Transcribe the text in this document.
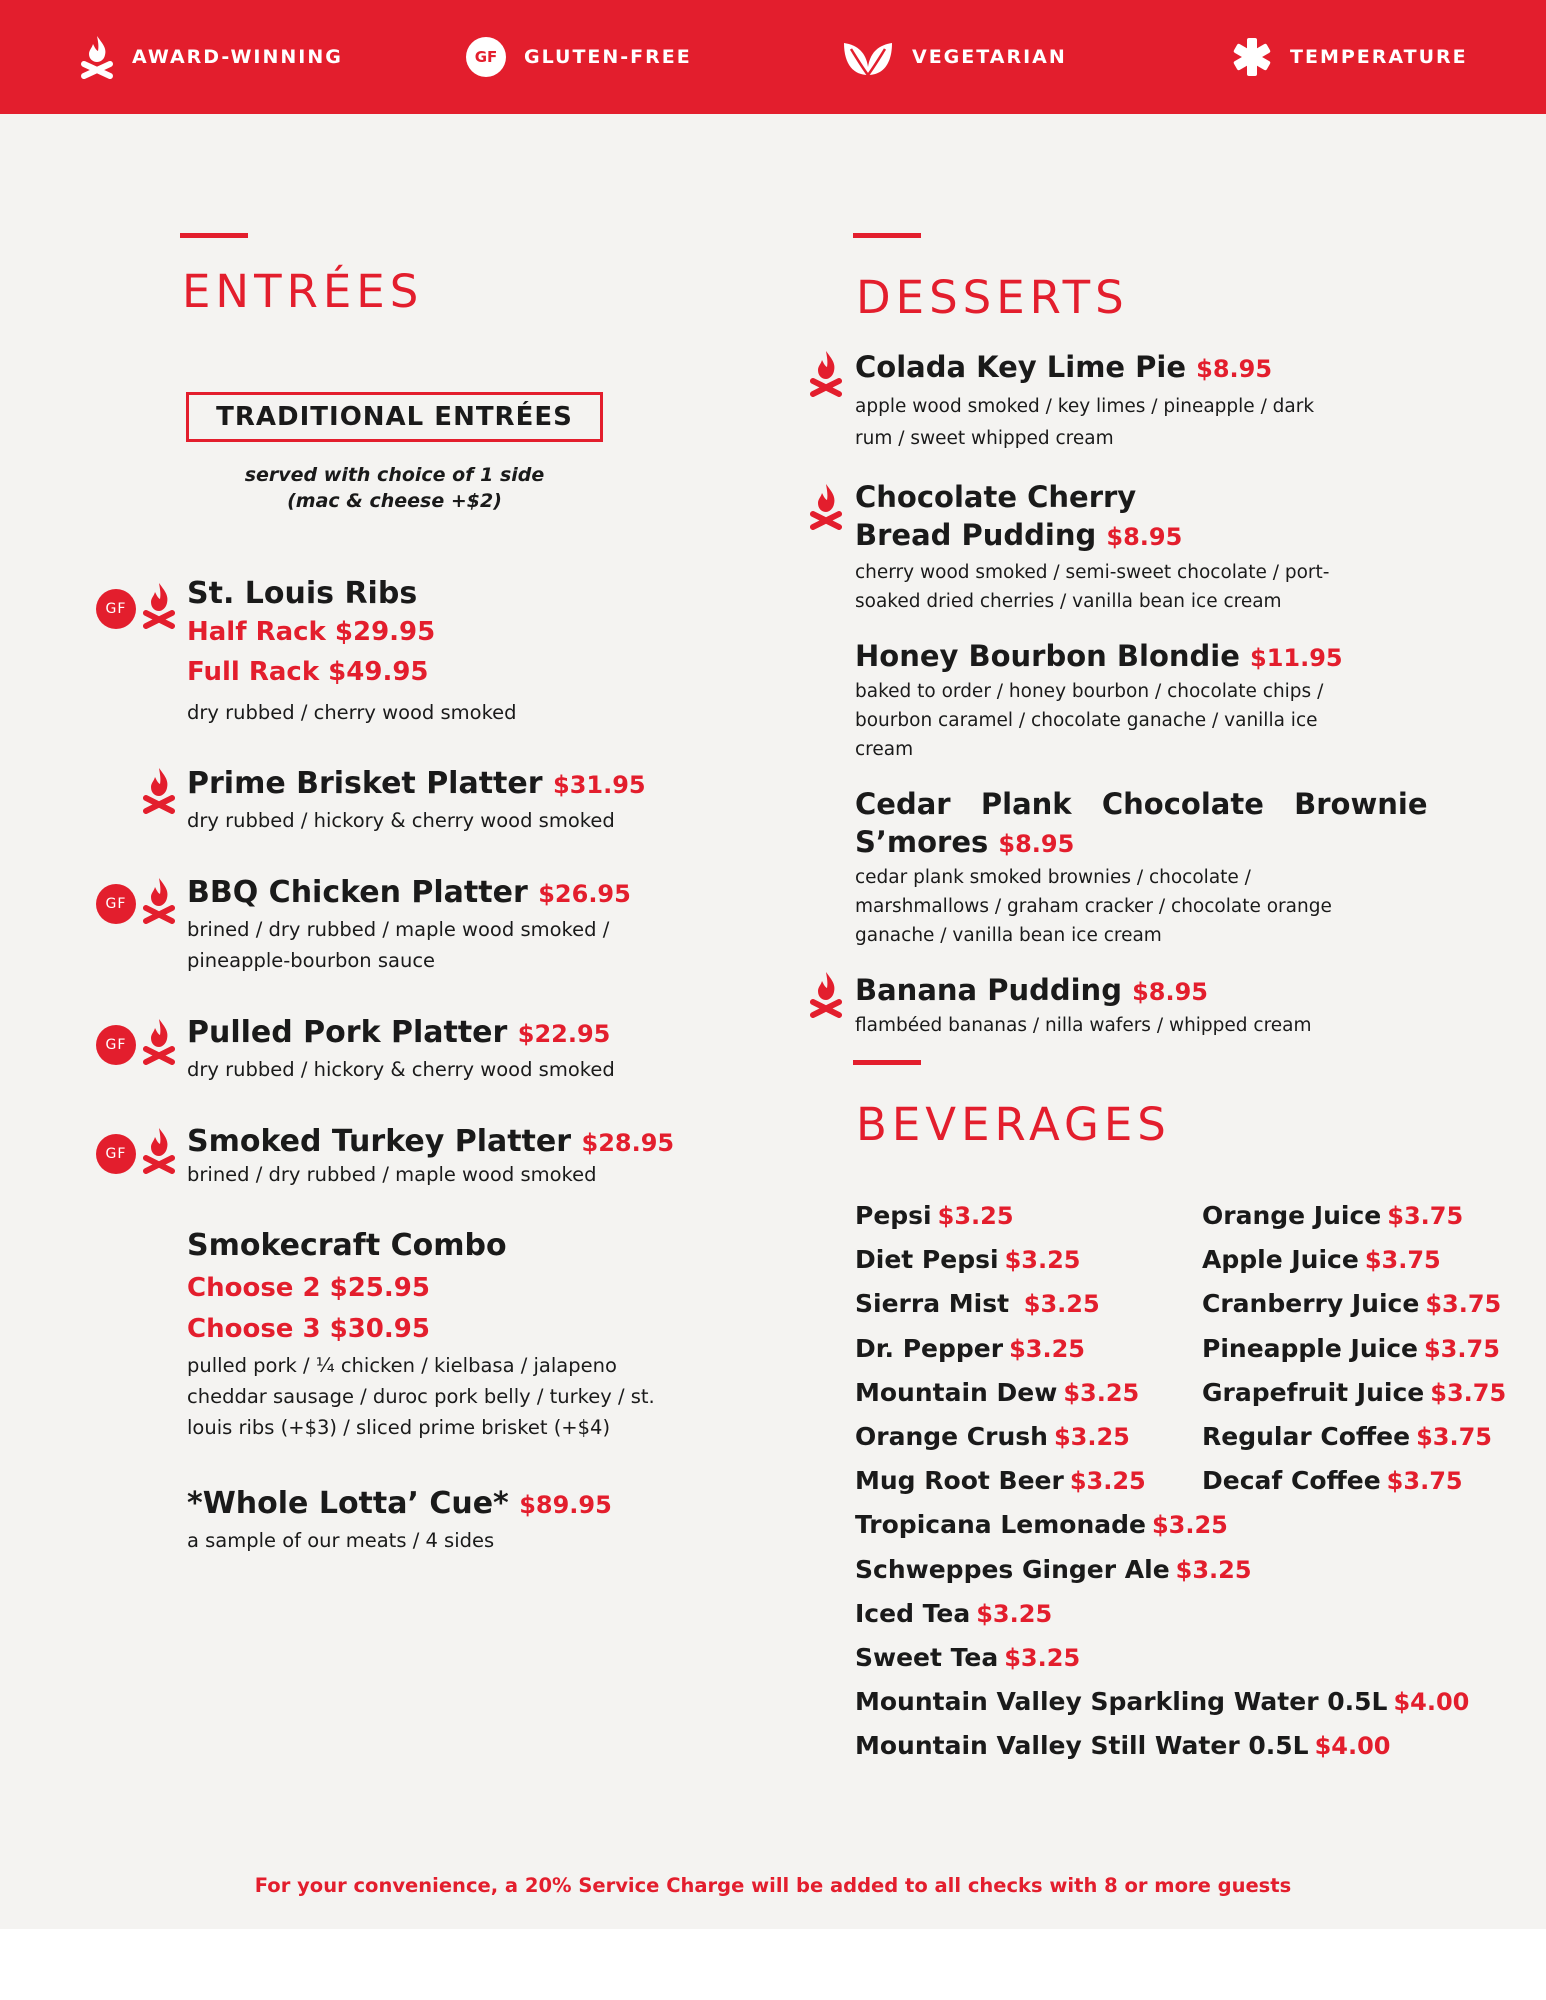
AWARD-WINNING	GF	GLUTEN-FREE	VEGETARIAN	TEMPERATURE
ENTRÉES
TRADITIONAL ENTRÉES
served with choice of 1 side
(mac & cheese +$2)
GF	St. Louis Ribs
Half Rack $29.95
Full Rack $49.95
dry rubbed / cherry wood smoked
Prime Brisket Platter $31.95
dry rubbed / hickory & cherry wood smoked
GF	BBQ Chicken Platter $26.95
brined / dry rubbed / maple wood smoked /
pineapple-bourbon sauce
GF	Pulled Pork Platter $22.95
dry rubbed / hickory & cherry wood smoked
GF	Smoked Turkey Platter $28.95
brined / dry rubbed / maple wood smoked
Smokecraft Combo
Choose 2 $25.95
Choose 3 $30.95
pulled pork / ¼ chicken / kielbasa / jalapeno
cheddar sausage / duroc pork belly / turkey / st.
louis ribs (+$3) / sliced prime brisket (+$4)
*Whole Lotta’ Cue* $89.95
a sample of our meats / 4 sides
DESSERTS
Colada Key Lime Pie $8.95
apple wood smoked / key limes / pineapple / dark
rum / sweet whipped cream
Chocolate Cherry
Bread Pudding $8.95
cherry wood smoked / semi-sweet chocolate / port-
soaked dried cherries / vanilla bean ice cream
Honey Bourbon Blondie $11.95
baked to order / honey bourbon / chocolate chips /
bourbon caramel / chocolate ganache / vanilla ice
cream
Cedar   Plank   Chocolate   Brownie
S’mores $8.95
cedar plank smoked brownies / chocolate /
marshmallows / graham cracker / chocolate orange
ganache / vanilla bean ice cream
Banana Pudding $8.95
flambéed bananas / nilla wafers / whipped cream
BEVERAGES
Pepsi $3.25
Diet Pepsi $3.25
Sierra Mist $3.25
Dr. Pepper $3.25
Mountain Dew $3.25
Orange Crush $3.25
Mug Root Beer $3.25
Tropicana Lemonade $3.25
Schweppes Ginger Ale $3.25
Iced Tea $3.25
Sweet Tea $3.25
Mountain Valley Sparkling Water 0.5L $4.00
Mountain Valley Still Water 0.5L $4.00
Orange Juice $3.75
Apple Juice $3.75
Cranberry Juice $3.75
Pineapple Juice $3.75
Grapefruit Juice $3.75
Regular Coffee $3.75
Decaf Coffee $3.75
For your convenience, a 20% Service Charge will be added to all checks with 8 or more guests
